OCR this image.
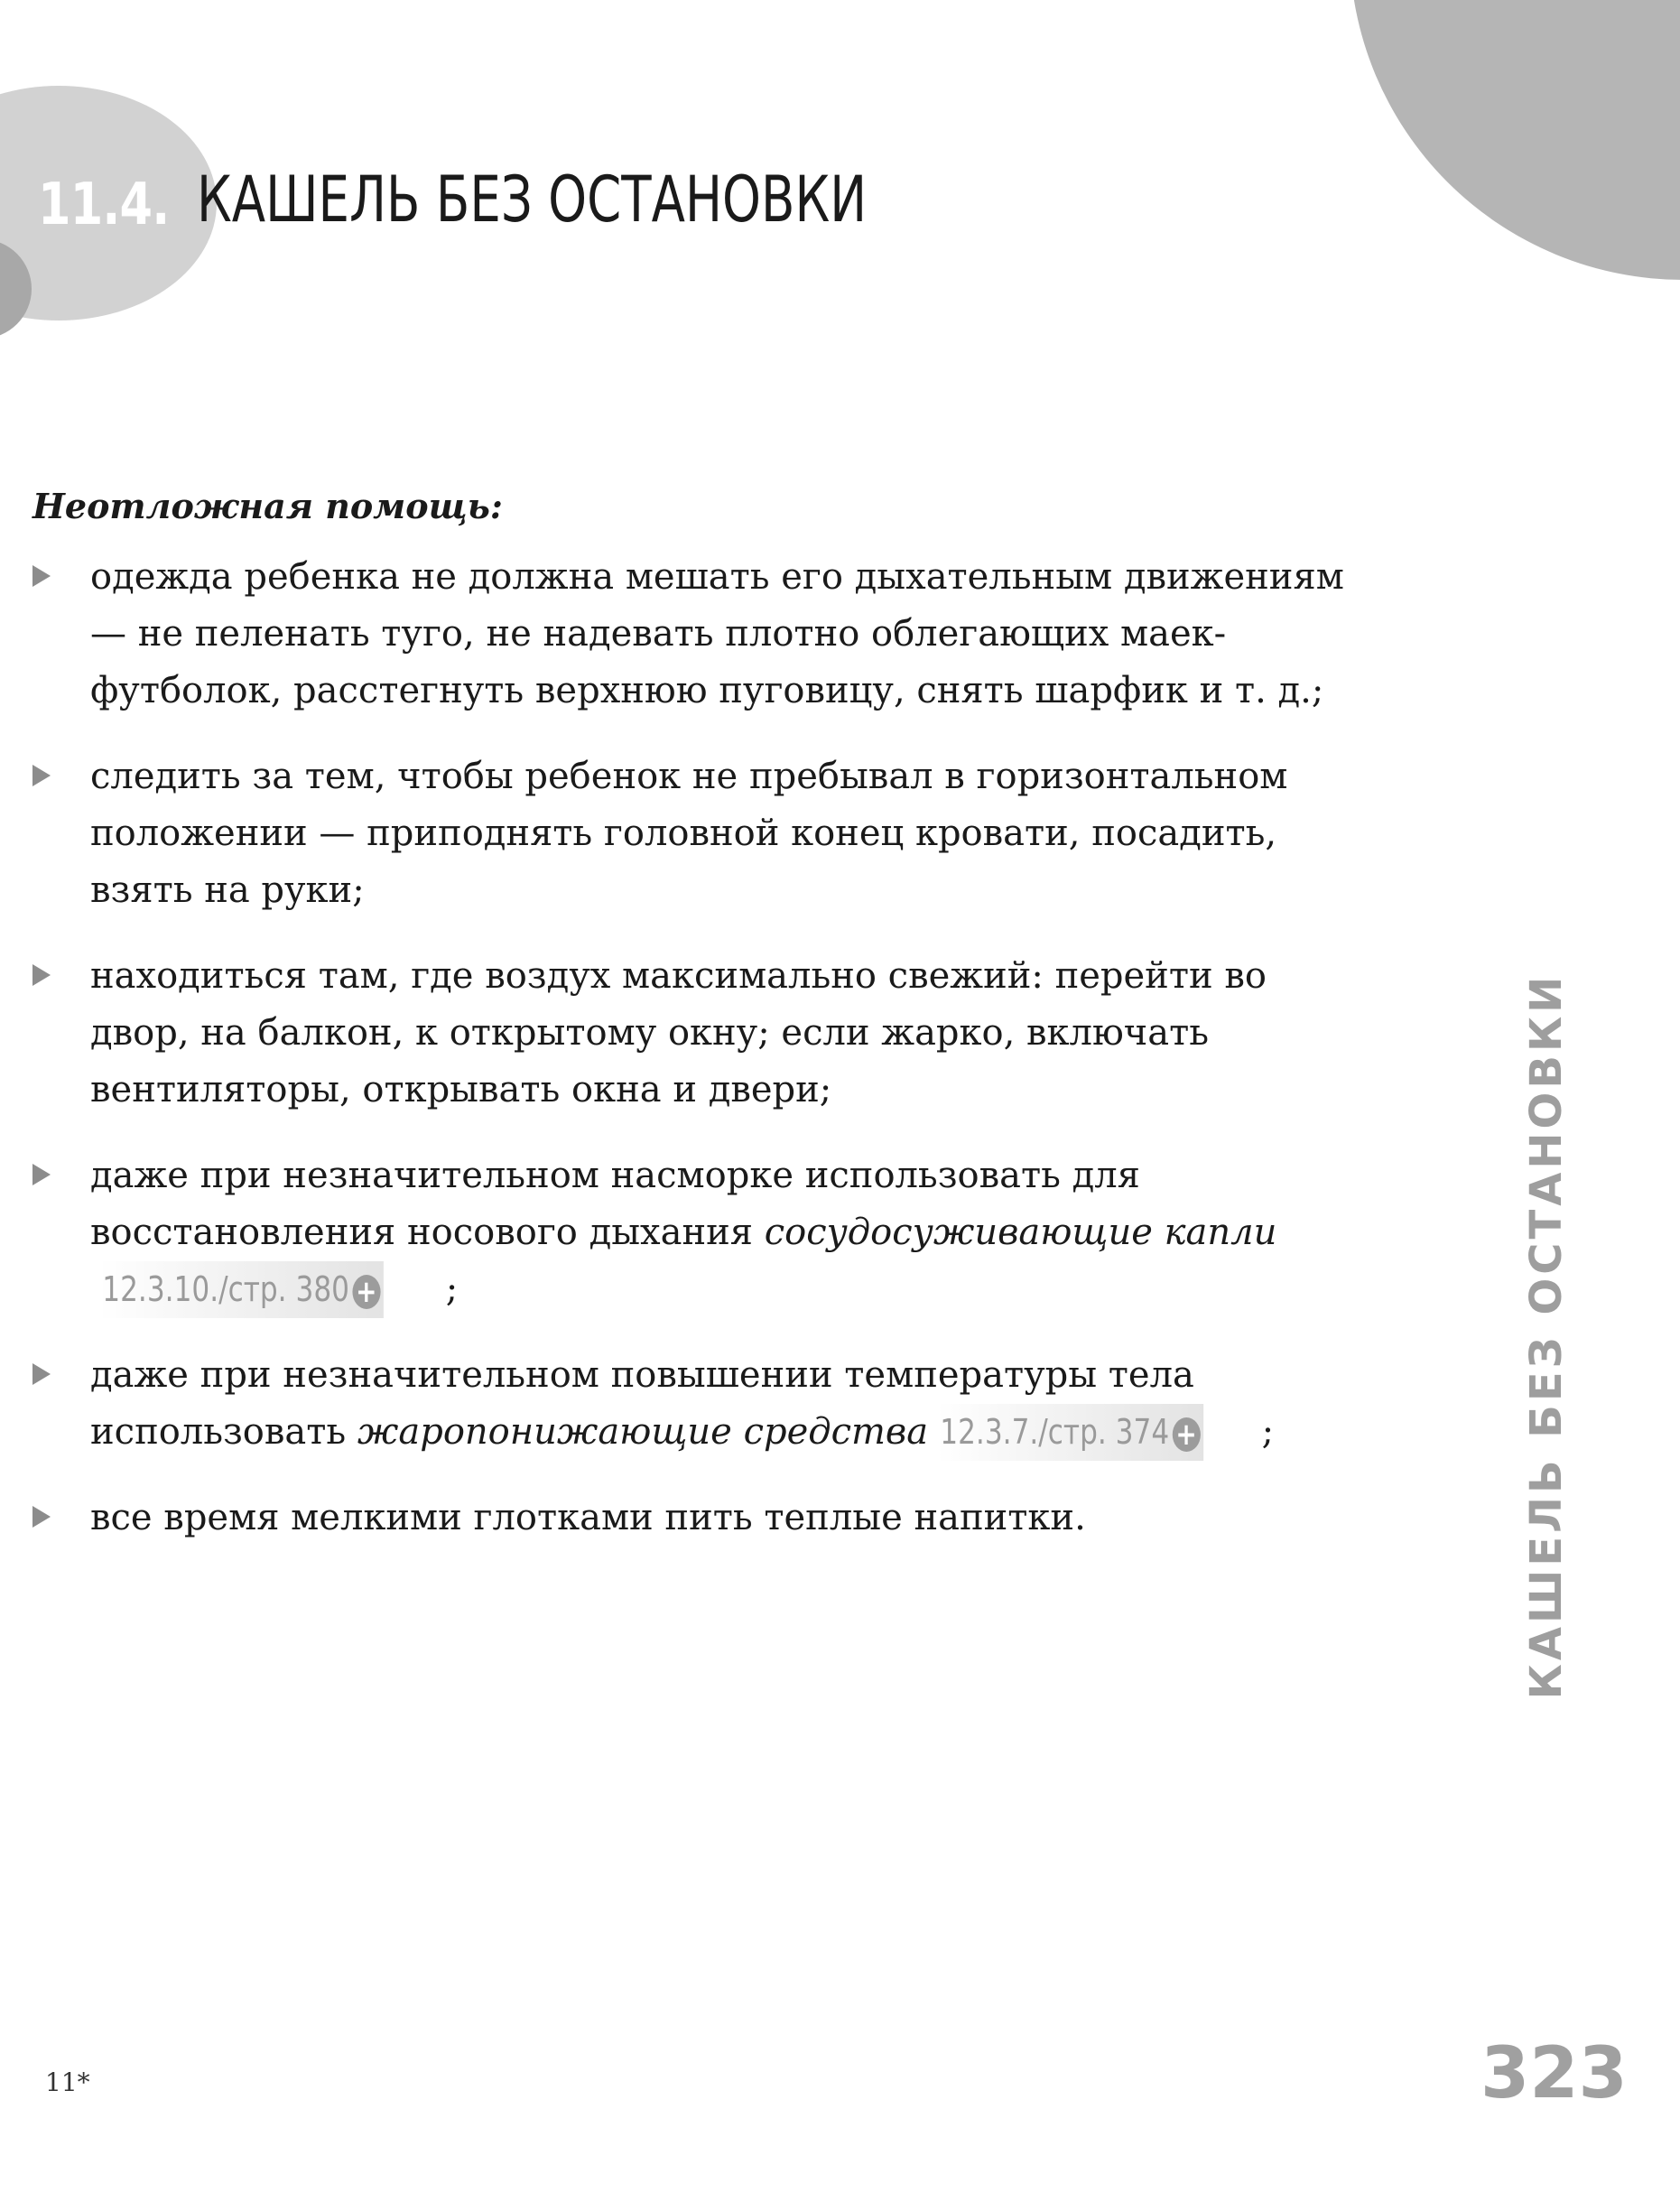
11.4. КАШЕЛЬ БЕЗ ОСТАНОВКИ
Неотложная помощь:
одежда ребенка не должна мешать его дыхательным движениям — не пеленать туго, не надевать плотно облегающих маек-футболок, расстегнуть верхнюю пуговицу, снять шарфик и т. д.;
следить за тем, чтобы ребенок не пребывал в горизонтальном положении — приподнять головной конец кровати, посадить, взять на руки;
находиться там, где воздух максимально свежий: перейти во двор, на балкон, к открытому окну; если жарко, включать вентиляторы, открывать окна и двери;
даже при незначительном насморке использовать для восстановления носового дыхания сосудосуживающие капли12.3.10./стр. 380 + ;
даже при незначительном повышении температуры тела использовать жаропонижающие средства 12.3.7./стр. 374 + ;
все время мелкими глотками пить теплые напитки.	КАШЕЛЬ БЕЗ ОСТАНОВКИ
11*	323
